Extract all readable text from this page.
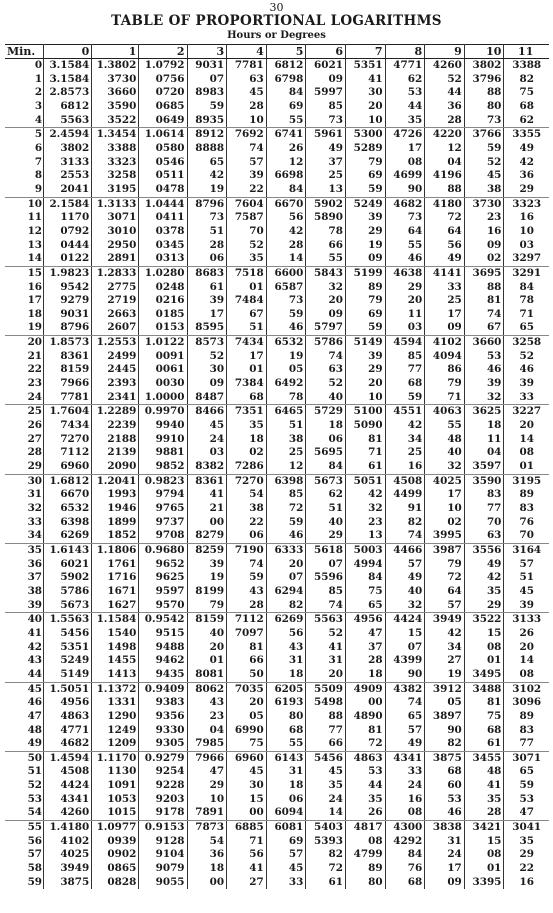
30
TABLE OF PROPORTIONAL LOGARITHMS
Hours or Degrees
Min.	0	1	2	3	4	5	6	7	8	9	10	11
0	3.1584	1.3802	1.0792	9031	7781	6812	6021	5351	4771	4260	3802	3388
1	3.1584	3730	0756	07	63	6798	09	41	62	52	3796	82
2	2.8573	3660	0720	8983	45	84	5997	30	53	44	88	75
3	6812	3590	0685	59	28	69	85	20	44	36	80	68
4	5563	3522	0649	8935	10	55	73	10	35	28	73	62
5	2.4594	1.3454	1.0614	8912	7692	6741	5961	5300	4726	4220	3766	3355
6	3802	3388	0580	8888	74	26	49	5289	17	12	59	49
7	3133	3323	0546	65	57	12	37	79	08	04	52	42
8	2553	3258	0511	42	39	6698	25	69	4699	4196	45	36
9	2041	3195	0478	19	22	84	13	59	90	88	38	29
10	2.1584	1.3133	1.0444	8796	7604	6670	5902	5249	4682	4180	3730	3323
11	1170	3071	0411	73	7587	56	5890	39	73	72	23	16
12	0792	3010	0378	51	70	42	78	29	64	64	16	10
13	0444	2950	0345	28	52	28	66	19	55	56	09	03
14	0122	2891	0313	06	35	14	55	09	46	49	02	3297
15	1.9823	1.2833	1.0280	8683	7518	6600	5843	5199	4638	4141	3695	3291
16	9542	2775	0248	61	01	6587	32	89	29	33	88	84
17	9279	2719	0216	39	7484	73	20	79	20	25	81	78
18	9031	2663	0185	17	67	59	09	69	11	17	74	71
19	8796	2607	0153	8595	51	46	5797	59	03	09	67	65
20	1.8573	1.2553	1.0122	8573	7434	6532	5786	5149	4594	4102	3660	3258
21	8361	2499	0091	52	17	19	74	39	85	4094	53	52
22	8159	2445	0061	30	01	05	63	29	77	86	46	46
23	7966	2393	0030	09	7384	6492	52	20	68	79	39	39
24	7781	2341	1.0000	8487	68	78	40	10	59	71	32	33
25	1.7604	1.2289	0.9970	8466	7351	6465	5729	5100	4551	4063	3625	3227
26	7434	2239	9940	45	35	51	18	5090	42	55	18	20
27	7270	2188	9910	24	18	38	06	81	34	48	11	14
28	7112	2139	9881	03	02	25	5695	71	25	40	04	08
29	6960	2090	9852	8382	7286	12	84	61	16	32	3597	01
30	1.6812	1.2041	0.9823	8361	7270	6398	5673	5051	4508	4025	3590	3195
31	6670	1993	9794	41	54	85	62	42	4499	17	83	89
32	6532	1946	9765	21	38	72	51	32	91	10	77	83
33	6398	1899	9737	00	22	59	40	23	82	02	70	76
34	6269	1852	9708	8279	06	46	29	13	74	3995	63	70
35	1.6143	1.1806	0.9680	8259	7190	6333	5618	5003	4466	3987	3556	3164
36	6021	1761	9652	39	74	20	07	4994	57	79	49	57
37	5902	1716	9625	19	59	07	5596	84	49	72	42	51
38	5786	1671	9597	8199	43	6294	85	75	40	64	35	45
39	5673	1627	9570	79	28	82	74	65	32	57	29	39
40	1.5563	1.1584	0.9542	8159	7112	6269	5563	4956	4424	3949	3522	3133
41	5456	1540	9515	40	7097	56	52	47	15	42	15	26
42	5351	1498	9488	20	81	43	41	37	07	34	08	20
43	5249	1455	9462	01	66	31	31	28	4399	27	01	14
44	5149	1413	9435	8081	50	18	20	18	90	19	3495	08
45	1.5051	1.1372	0.9409	8062	7035	6205	5509	4909	4382	3912	3488	3102
46	4956	1331	9383	43	20	6193	5498	00	74	05	81	3096
47	4863	1290	9356	23	05	80	88	4890	65	3897	75	89
48	4771	1249	9330	04	6990	68	77	81	57	90	68	83
49	4682	1209	9305	7985	75	55	66	72	49	82	61	77
50	1.4594	1.1170	0.9279	7966	6960	6143	5456	4863	4341	3875	3455	3071
51	4508	1130	9254	47	45	31	45	53	33	68	48	65
52	4424	1091	9228	29	30	18	35	44	24	60	41	59
53	4341	1053	9203	10	15	06	24	35	16	53	35	53
54	4260	1015	9178	7891	00	6094	14	26	08	46	28	47
55	1.4180	1.0977	0.9153	7873	6885	6081	5403	4817	4300	3838	3421	3041
56	4102	0939	9128	54	71	69	5393	08	4292	31	15	35
57	4025	0902	9104	36	56	57	82	4799	84	24	08	29
58	3949	0865	9079	18	41	45	72	89	76	17	01	22
59	3875	0828	9055	00	27	33	61	80	68	09	3395	16
